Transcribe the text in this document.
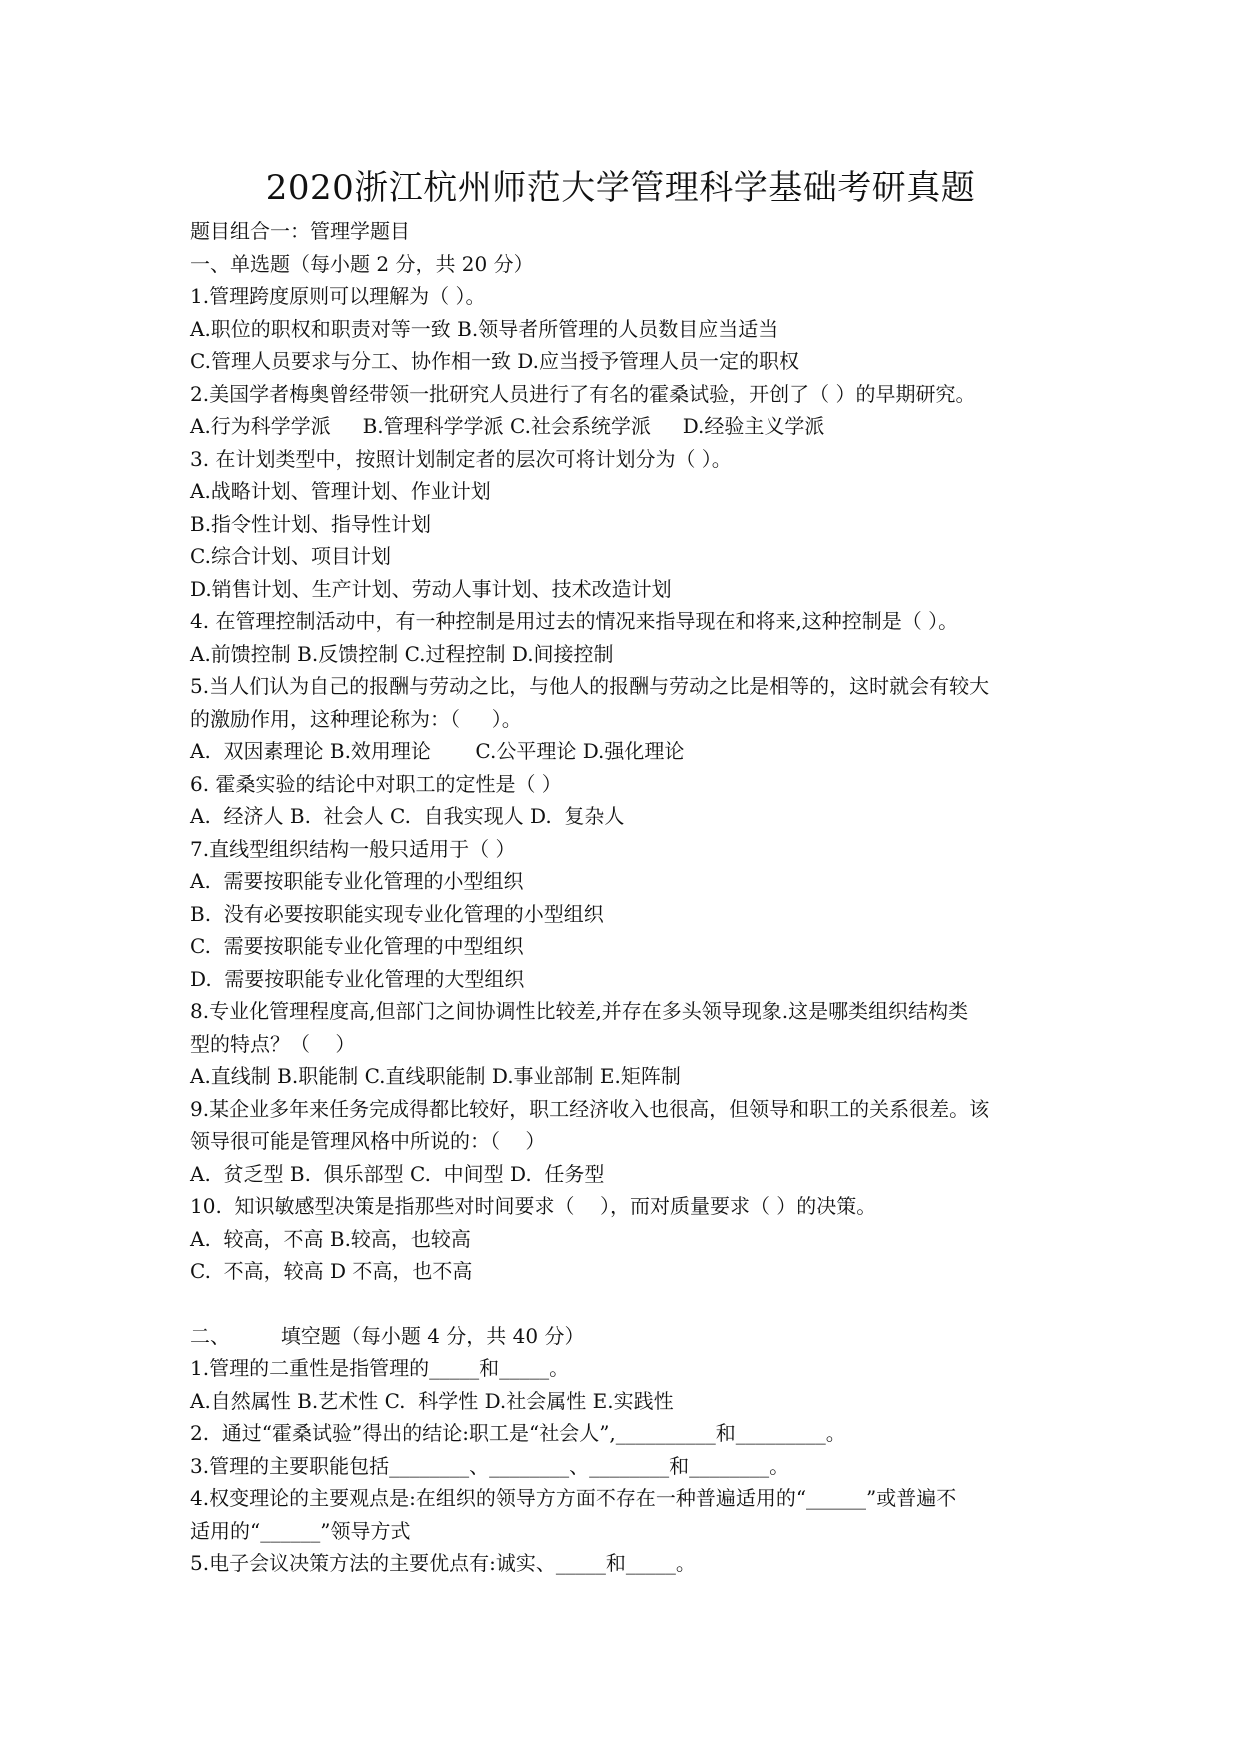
2020浙江杭州师范大学管理科学基础考研真题
题目组合一：管理学题目
一、单选题（每小题 2 分，共 20 分）
1.管理跨度原则可以理解为（ ）。
A.职位的职权和职责对等一致 B.领导者所管理的人员数目应当适当
C.管理人员要求与分工、协作相一致 D.应当授予管理人员一定的职权
2.美国学者梅奥曾经带领一批研究人员进行了有名的霍桑试验，开创了（ ）的早期研究。
A.行为科学学派     B.管理科学学派 C.社会系统学派     D.经验主义学派
3. 在计划类型中，按照计划制定者的层次可将计划分为（ ）。
A.战略计划、管理计划、作业计划
B.指令性计划、指导性计划
C.综合计划、项目计划
D.销售计划、生产计划、劳动人事计划、技术改造计划
4. 在管理控制活动中，有一种控制是用过去的情况来指导现在和将来,这种控制是（ ）。
A.前馈控制 B.反馈控制 C.过程控制 D.间接控制
5.当人们认为自己的报酬与劳动之比，与他人的报酬与劳动之比是相等的，这时就会有较大
的激励作用，这种理论称为：（     ）。
A.  双因素理论 B.效用理论       C.公平理论 D.强化理论
6. 霍桑实验的结论中对职工的定性是（ ）
A.  经济人 B.  社会人 C.  自我实现人 D.  复杂人
7.直线型组织结构一般只适用于（ ）
A.  需要按职能专业化管理的小型组织
B.  没有必要按职能实现专业化管理的小型组织
C.  需要按职能专业化管理的中型组织
D.  需要按职能专业化管理的大型组织
8.专业化管理程度高,但部门之间协调性比较差,并存在多头领导现象.这是哪类组织结构类
型的特点？（    ）
A.直线制 B.职能制 C.直线职能制 D.事业部制 E.矩阵制
9.某企业多年来任务完成得都比较好，职工经济收入也很高，但领导和职工的关系很差。该
领导很可能是管理风格中所说的：（    ）
A.  贫乏型 B.  俱乐部型 C.  中间型 D.  任务型
10.  知识敏感型决策是指那些对时间要求（    ），而对质量要求（ ）的决策。
A.  较高，不高 B.较高，也较高
C.  不高，较高 D 不高，也不高
二、        填空题（每小题 4 分，共 40 分）
1.管理的二重性是指管理的_____和_____。
A.自然属性 B.艺术性 C.  科学性 D.社会属性 E.实践性
2.  通过“霍桑试验”得出的结论:职工是“社会人”,__________和_________。
3.管理的主要职能包括________、________、________和________。
4.权变理论的主要观点是:在组织的领导方方面不存在一种普遍适用的“______”或普遍不
适用的“______”领导方式
5.电子会议决策方法的主要优点有:诚实、_____和_____。
